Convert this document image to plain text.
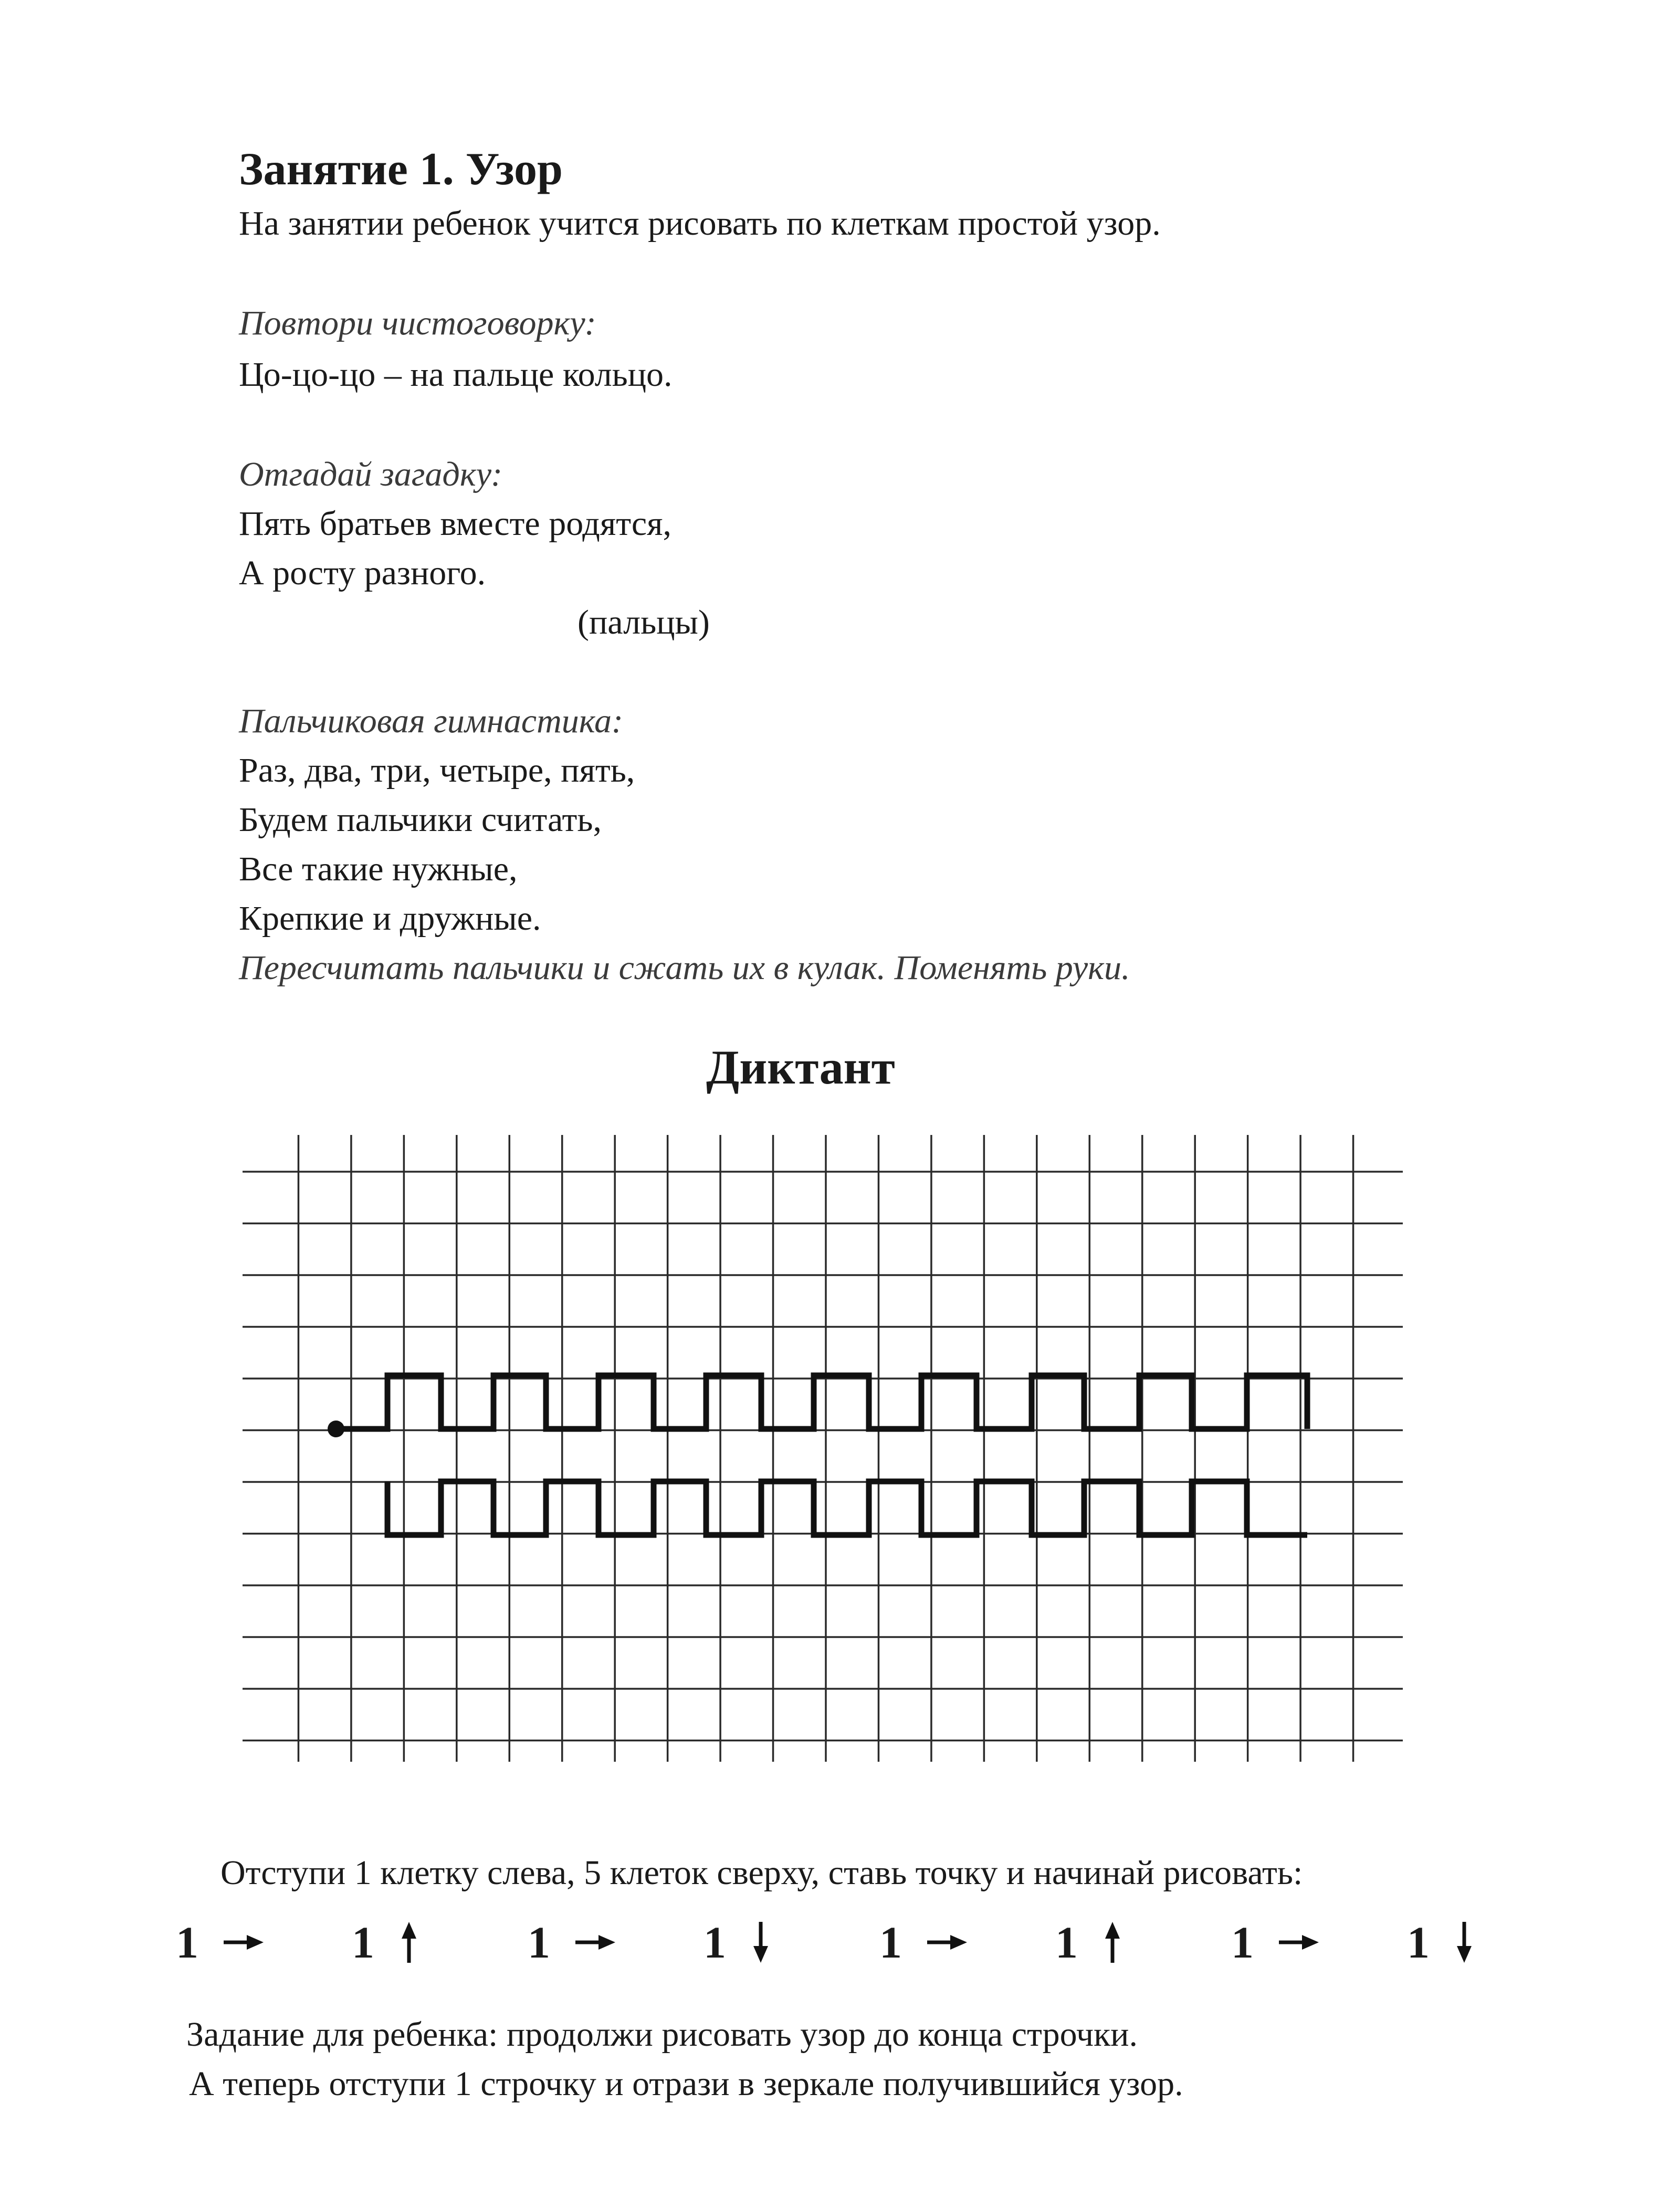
Занятие 1. Узор
На занятии ребенок учится рисовать по клеткам простой узор.
Повтори чистоговорку:
Цо-цо-цо – на пальце кольцо.
Отгадай загадку:
Пять братьев вместе родятся,
А росту разного.
(пальцы)
Пальчиковая гимнастика:
Раз, два, три, четыре, пять,
Будем пальчики считать,
Все такие нужные,
Крепкие и дружные.
Пересчитать пальчики и сжать их в кулак. Поменять руки.
Диктант
Отступи 1 клетку слева, 5 клеток сверху, ставь точку и начинай рисовать:
1	1	1	1	1	1	1	1
Задание для ребенка: продолжи рисовать узор до конца строчки.
А теперь отступи 1 строчку и отрази в зеркале получившийся узор.
